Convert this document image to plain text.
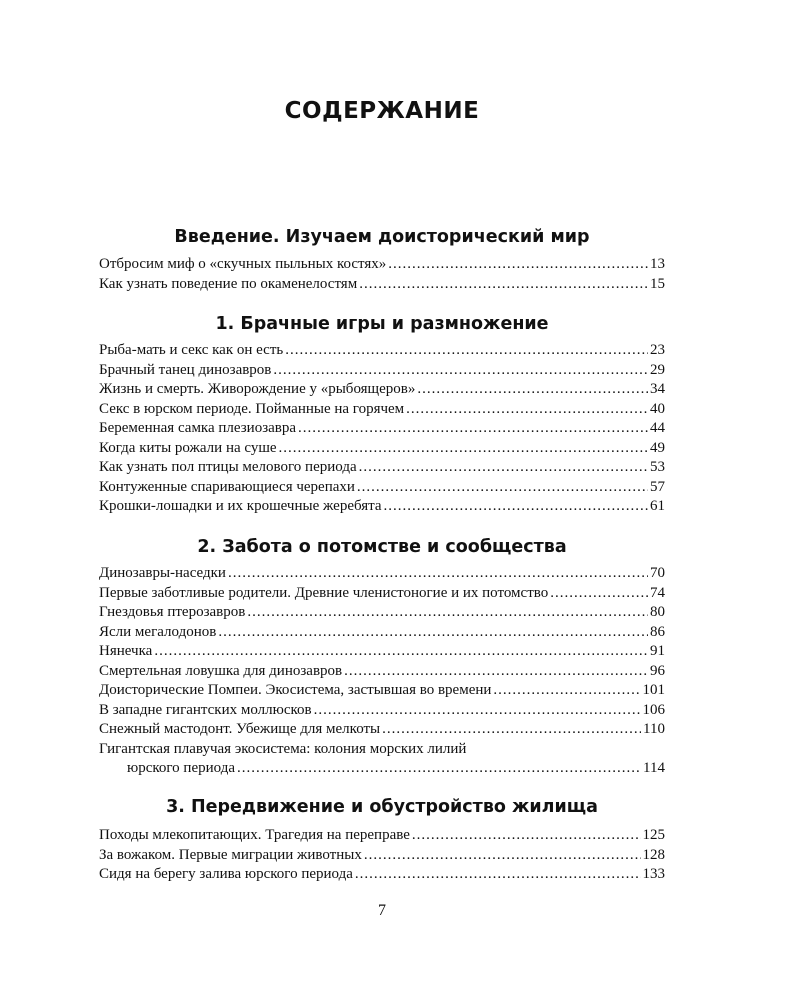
СОДЕРЖАНИЕ
Введение. Изучаем доисторический мир
Отбросим миф о «скучных пыльных костях» .....	13
Как узнать поведение по окаменелостям .....	15
1. Брачные игры и размножение
Рыба-мать и секс как он есть .....	23
Брачный танец динозавров .....	29
Жизнь и смерть. Живорождение у «рыбоящеров» .....	34
Секс в юрском периоде. Пойманные на горячем .....	40
Беременная самка плезиозавра .....	44
Когда киты рожали на суше .....	49
Как узнать пол птицы мелового периода .....	53
Контуженные спаривающиеся черепахи .....	57
Крошки-лошадки и их крошечные жеребята .....	61
2. Забота о потомстве и сообщества
Динозавры-наседки .....	70
Первые заботливые родители. Древние членистоногие и их потомство .....	74
Гнездовья птерозавров .....	80
Ясли мегалодонов .....	86
Нянечка .....	91
Смертельная ловушка для динозавров .....	96
Доисторические Помпеи. Экосистема, застывшая во времени .....	101
В западне гигантских моллюсков .....	106
Снежный мастодонт. Убежище для мелкоты .....	110
Гигантская плавучая экосистема: колония морских лилий
юрского периода .....	114
3. Передвижение и обустройство жилища
Походы млекопитающих. Трагедия на переправе .....	125
За вожаком. Первые миграции животных .....	128
Сидя на берегу залива юрского периода .....	133
7
